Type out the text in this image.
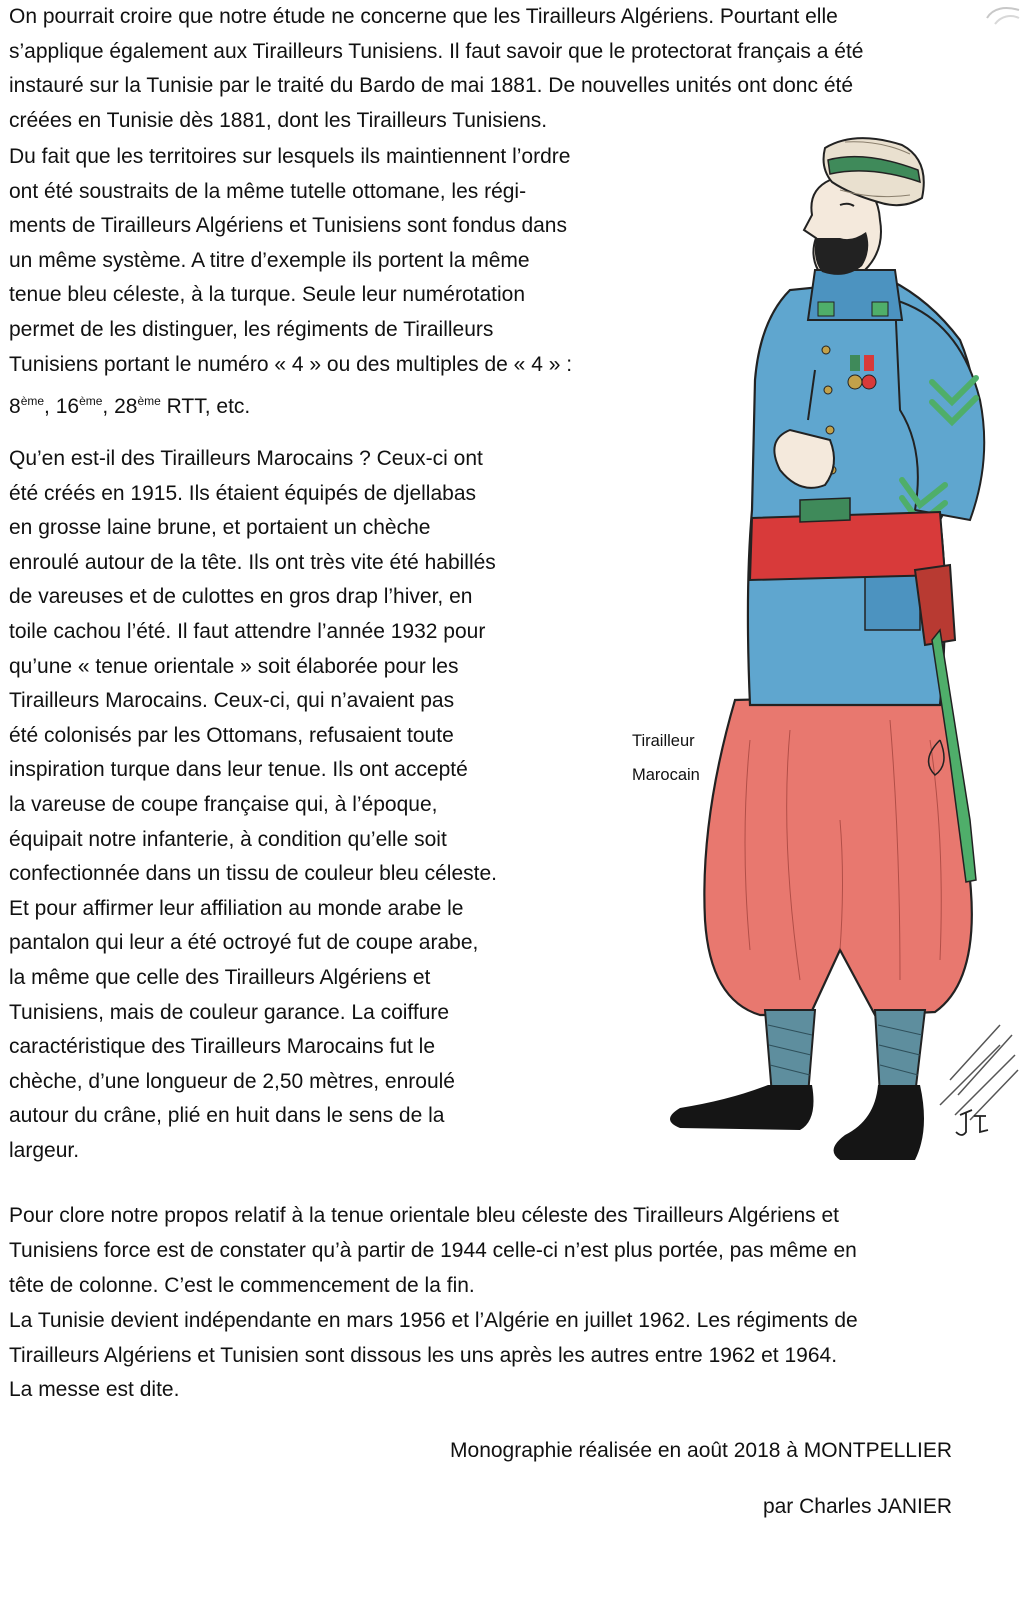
On pourrait croire que notre étude ne concerne que les Tirailleurs Algériens. Pourtant elle
s’applique également aux Tirailleurs Tunisiens. Il faut savoir que le protectorat français a été
instauré sur la Tunisie par le traité du Bardo de mai 1881. De nouvelles unités ont donc été
créées en Tunisie dès 1881, dont les Tirailleurs Tunisiens.

Du fait que les territoires sur lesquels ils maintiennent l’ordre
ont été soustraits de la même tutelle ottomane, les régi-
ments de Tirailleurs Algériens et Tunisiens sont fondus dans
un même système. A titre d’exemple ils portent la même
tenue bleu céleste, à la turque. Seule leur numérotation
permet de les distinguer, les régiments de Tirailleurs
Tunisiens portant le numéro « 4 » ou des multiples de « 4 » :

8ème, 16ème, 28ème RTT, etc.

Qu’en est-il des Tirailleurs Marocains ? Ceux-ci ont
été créés en 1915. Ils étaient équipés de djellabas
en grosse laine brune, et portaient un chèche
enroulé autour de la tête. Ils ont très vite été habillés
de vareuses et de culottes en gros drap l’hiver, en
toile cachou l’été. Il faut attendre l’année 1932 pour
qu’une « tenue orientale » soit élaborée pour les
Tirailleurs Marocains. Ceux-ci, qui n’avaient pas
été colonisés par les Ottomans, refusaient toute
inspiration turque dans leur tenue. Ils ont accepté
la vareuse de coupe française qui, à l’époque,
équipait notre infanterie, à condition qu’elle soit
confectionnée dans un tissu de couleur bleu céleste.
Et pour affirmer leur affiliation au monde arabe le
pantalon qui leur a été octroyé fut de coupe arabe,
la même que celle des Tirailleurs Algériens et
Tunisiens, mais de couleur garance. La coiffure
caractéristique des Tirailleurs Marocains fut le
chèche, d’une longueur de 2,50 mètres, enroulé
autour du crâne, plié en huit dans le sens de la
largeur.

Tirailleur
Marocain

Pour clore notre propos relatif à la tenue orientale bleu céleste des Tirailleurs Algériens et
Tunisiens force est de constater qu’à partir de 1944 celle-ci n’est plus portée, pas même en
tête de colonne. C’est le commencement de la fin.
La Tunisie devient indépendante en mars 1956 et l’Algérie en juillet 1962. Les régiments de
Tirailleurs Algériens et Tunisien sont dissous les uns après les autres entre 1962 et 1964.

La messe est dite.

Monographie réalisée en août 2018 à MONTPELLIER
par Charles JANIER
